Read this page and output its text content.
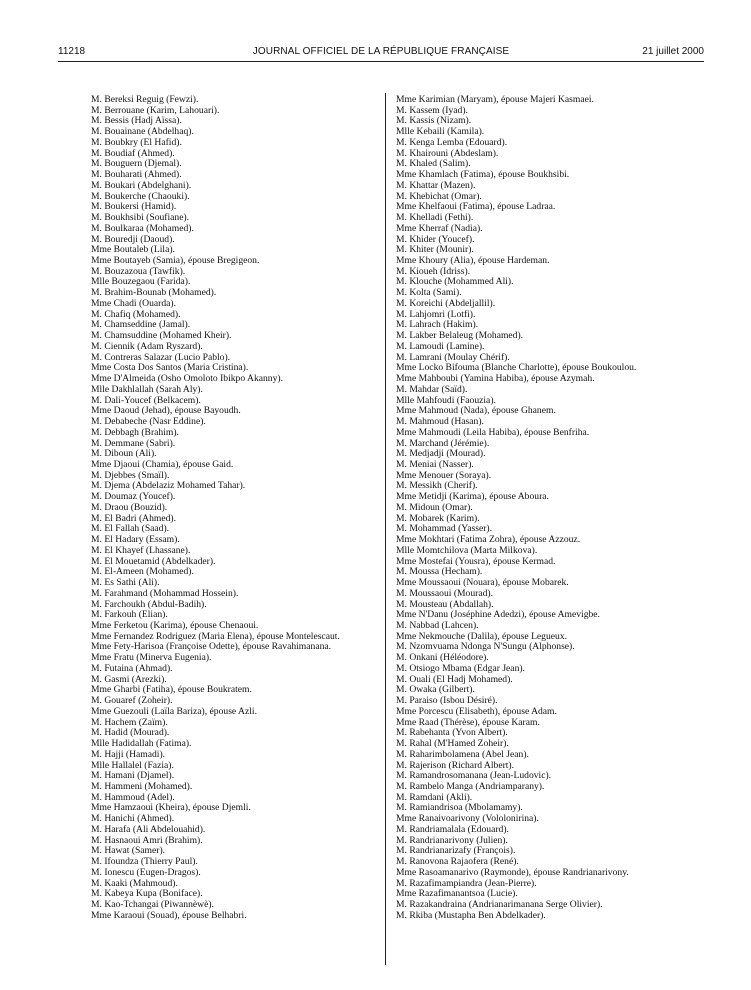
11218	JOURNAL OFFICIEL DE LA RÉPUBLIQUE FRANÇAISE	21 juillet 2000
M. Bereksi Reguig (Fewzi).
M. Berrouane (Karim, Lahouari).
M. Bessis (Hadj Aïssa).
M. Bouainane (Abdelhaq).
M. Boubkry (El Hafid).
M. Boudiaf (Ahmed).
M. Bouguern (Djemal).
M. Bouharati (Ahmed).
M. Boukari (Abdelghani).
M. Boukerche (Chaouki).
M. Boukersi (Hamid).
M. Boukhsibi (Soufiane).
M. Boulkaraa (Mohamed).
M. Bouredji (Daoud).
Mme Boutaleb (Lila).
Mme Boutayeb (Samia), épouse Bregigeon.
M. Bouzazoua (Tawfik).
Mlle Bouzegaou (Farida).
M. Brahim-Bounab (Mohamed).
Mme Chadi (Ouarda).
M. Chafiq (Mohamed).
M. Chamseddine (Jamal).
M. Chamsuddine (Mohamed Kheir).
M. Ciennik (Adam Ryszard).
M. Contreras Salazar (Lucio Pablo).
Mme Costa Dos Santos (Maria Cristina).
Mme D'Almeida (Osho Omoloto Ibikpo Akanny).
Mlle Dakhlallah (Sarah Aly).
M. Dali-Youcef (Belkacem).
Mme Daoud (Jehad), épouse Bayoudh.
M. Debabeche (Nasr Eddine).
M. Debbagh (Brahim).
M. Demmane (Sabri).
M. Diboun (Ali).
Mme Djaoui (Chamia), épouse Gaid.
M. Djebbes (Smaïl).
M. Djema (Abdelaziz Mohamed Tahar).
M. Doumaz (Youcef).
M. Draou (Bouzid).
M. El Badri (Ahmed).
M. El Fallah (Saad).
M. El Hadary (Essam).
M. El Khayef (Lhassane).
M. El Mouetamid (Abdelkader).
M. El-Ameen (Mohamed).
M. Es Sathi (Ali).
M. Farahmand (Mohammad Hossein).
M. Farchoukh (Abdul-Badih).
M. Farkouh (Elian).
Mme Ferketou (Karima), épouse Chenaoui.
Mme Fernandez Rodriguez (Maria Elena), épouse Montelescaut.
Mme Fety-Harisoa (Françoise Odette), épouse Ravahimanana.
Mme Fratu (Minerva Eugenia).
M. Futaina (Ahmad).
M. Gasmi (Arezki).
Mme Gharbi (Fatiha), épouse Boukratem.
M. Gouaref (Zoheir).
Mme Guezouli (Laïla Bariza), épouse Azli.
M. Hachem (Zaïm).
M. Hadid (Mourad).
Mlle Hadidallah (Fatima).
M. Hajji (Hamadi).
Mlle Hallalel (Fazia).
M. Hamani (Djamel).
M. Hammeni (Mohamed).
M. Hammoud (Adel).
Mme Hamzaoui (Kheira), épouse Djemli.
M. Hanichi (Ahmed).
M. Harafa (Ali Abdelouahid).
M. Hasnaoui Amri (Brahim).
M. Hawat (Samer).
M. Ifoundza (Thierry Paul).
M. Ionescu (Eugen-Dragos).
M. Kaaki (Mahmoud).
M. Kabeya Kupa (Boniface).
M. Kao-Tchangai (Piwannèwè).
Mme Karaoui (Souad), épouse Belhabri.
Mme Karimian (Maryam), épouse Majeri Kasmaei.
M. Kassem (Iyad).
M. Kassis (Nizam).
Mlle Kebaili (Kamila).
M. Kenga Lemba (Edouard).
M. Khairouni (Abdeslam).
M. Khaled (Salim).
Mme Khamlach (Fatima), épouse Boukhsibi.
M. Khattar (Mazen).
M. Khebichat (Omar).
Mme Khelfaoui (Fatima), épouse Ladraa.
M. Khelladi (Fethi).
Mme Kherraf (Nadia).
M. Khider (Youcef).
M. Khiter (Mounir).
Mme Khoury (Alia), épouse Hardeman.
M. Kioueh (Idriss).
M. Klouche (Mohammed Ali).
M. Kolta (Sami).
M. Koreichi (Abdeljallil).
M. Lahjomri (Lotfi).
M. Lahrach (Hakim).
M. Lakber Belaleug (Mohamed).
M. Lamoudi (Lamine).
M. Lamrani (Moulay Chérif).
Mme Locko Bifouma (Blanche Charlotte), épouse Boukoulou.
Mme Mahboubi (Yamina Habiba), épouse Azymah.
M. Mahdar (Saïd).
Mlle Mahfoudi (Faouzia).
Mme Mahmoud (Nada), épouse Ghanem.
M. Mahmoud (Hasan).
Mme Mahmoudi (Leila Habiba), épouse Benfriha.
M. Marchand (Jérémie).
M. Medjadji (Mourad).
M. Meniai (Nasser).
Mme Menouer (Soraya).
M. Messikh (Cherif).
Mme Metidji (Karima), épouse Aboura.
M. Midoun (Omar).
M. Mobarek (Karim).
M. Mohammad (Yasser).
Mme Mokhtari (Fatima Zohra), épouse Azzouz.
Mlle Momtchilova (Marta Milkova).
Mme Mostefai (Yousra), épouse Kermad.
M. Moussa (Hecham).
Mme Moussaoui (Nouara), épouse Mobarek.
M. Moussaoui (Mourad).
M. Mousteau (Abdallah).
Mme N'Danu (Joséphine Adedzi), épouse Amevigbe.
M. Nabbad (Lahcen).
Mme Nekmouche (Dalila), épouse Legueux.
M. Nzomvuama Ndonga N'Sungu (Alphonse).
M. Onkani (Héléodore).
M. Otsiogo Mbama (Edgar Jean).
M. Ouali (El Hadj Mohamed).
M. Owaka (Gilbert).
M. Paraiso (Isbou Désiré).
Mme Porcescu (Elisabeth), épouse Adam.
Mme Raad (Thérèse), épouse Karam.
M. Rabehanta (Yvon Albert).
M. Rahal (M'Hamed Zoheir).
M. Raharimbolamena (Abel Jean).
M. Rajerison (Richard Albert).
M. Ramandrosomanana (Jean-Ludovic).
M. Rambelo Manga (Andriamparany).
M. Ramdani (Akli).
M. Ramiandrisoa (Mbolamamy).
Mme Ranaivoarivony (Vololonirina).
M. Randriamalala (Edouard).
M. Randrianarivony (Julien).
M. Randrianarizafy (François).
M. Ranovona Rajaofera (René).
Mme Rasoamanarivo (Raymonde), épouse Randrianarivony.
M. Razafimampiandra (Jean-Pierre).
Mme Razafimanantsoa (Lucie).
M. Razakandraina (Andrianarimanana Serge Olivier).
M. Rkiba (Mustapha Ben Abdelkader).
